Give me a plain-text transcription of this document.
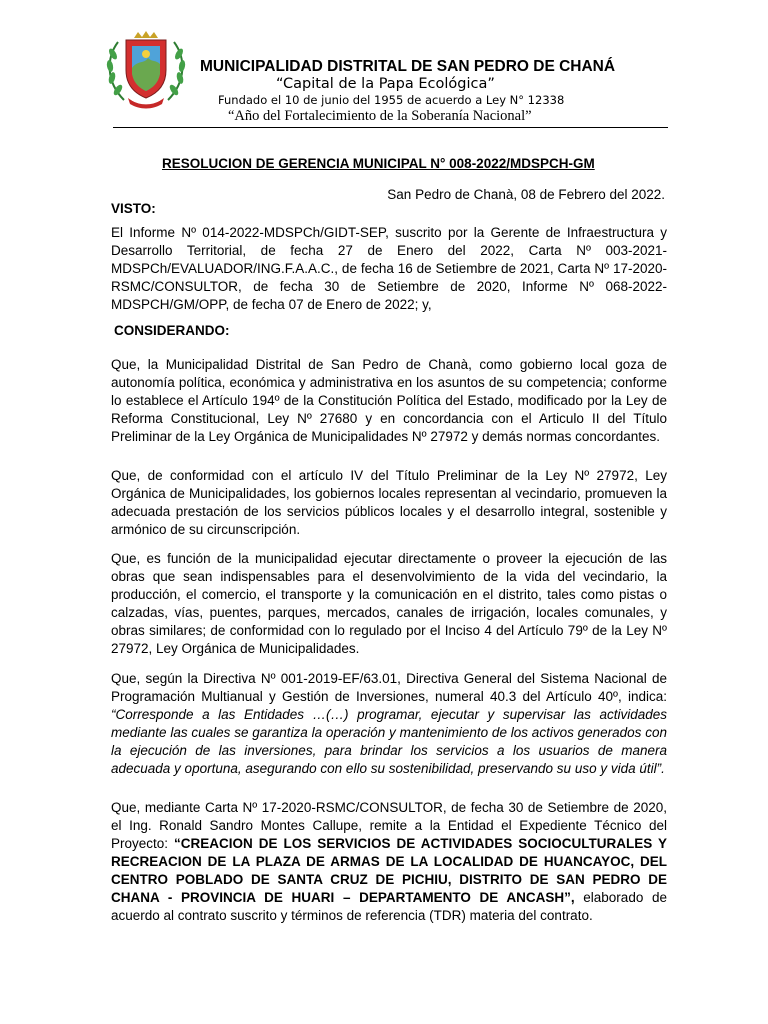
MUNICIPALIDAD DISTRITAL DE SAN PEDRO DE CHANÁ
“Capital de la Papa Ecológica”
Fundado el 10 de junio del 1955 de acuerdo a Ley N° 12338
“Año del Fortalecimiento de la Soberanía Nacional”
RESOLUCION DE GERENCIA MUNICIPAL N° 008-2022/MDSPCH-GM
San Pedro de Chanà, 08 de Febrero del 2022.
VISTO:
El Informe Nº 014-2022-MDSPCh/GIDT-SEP, suscrito por la Gerente de Infraestructura y Desarrollo Territorial, de fecha 27 de Enero del 2022, Carta Nº 003-2021-MDSPCh/EVALUADOR/ING.F.A.A.C., de fecha 16 de Setiembre de 2021, Carta Nº 17-2020-RSMC/CONSULTOR, de fecha 30 de Setiembre de 2020, Informe Nº 068-2022-MDSPCH/GM/OPP, de fecha 07 de Enero de 2022; y,
CONSIDERANDO:
Que, la Municipalidad Distrital de San Pedro de Chanà, como gobierno local goza de autonomía política, económica y administrativa en los asuntos de su competencia; conforme lo establece el Artículo 194º de la Constitución Política del Estado, modificado por la Ley de Reforma Constitucional, Ley Nº 27680 y en concordancia con el Articulo II del Título Preliminar de la Ley Orgánica de Municipalidades Nº 27972 y demás normas concordantes.
Que, de conformidad con el artículo IV del Título Preliminar de la Ley Nº 27972, Ley Orgánica de Municipalidades, los gobiernos locales representan al vecindario, promueven la adecuada prestación de los servicios públicos locales y el desarrollo integral, sostenible y armónico de su circunscripción.
Que, es función de la municipalidad ejecutar directamente o proveer la ejecución de las obras que sean indispensables para el desenvolvimiento de la vida del vecindario, la producción, el comercio, el transporte y la comunicación en el distrito, tales como pistas o calzadas, vías, puentes, parques, mercados, canales de irrigación, locales comunales, y obras similares; de conformidad con lo regulado por el Inciso 4 del Artículo 79º de la Ley Nº 27972, Ley Orgánica de Municipalidades.
Que, según la Directiva Nº 001-2019-EF/63.01, Directiva General del Sistema Nacional de Programación Multianual y Gestión de Inversiones, numeral 40.3 del Artículo 40º, indica: “Corresponde a las Entidades …(…) programar, ejecutar y supervisar las actividades mediante las cuales se garantiza la operación y mantenimiento de los activos generados con la ejecución de las inversiones, para brindar los servicios a los usuarios de manera adecuada y oportuna, asegurando con ello su sostenibilidad, preservando su uso y vida útil”.
Que, mediante Carta Nº 17-2020-RSMC/CONSULTOR, de fecha 30 de Setiembre de 2020, el Ing. Ronald Sandro Montes Callupe, remite a la Entidad el Expediente Técnico del Proyecto: “CREACION DE LOS SERVICIOS DE ACTIVIDADES SOCIOCULTURALES Y RECREACION DE LA PLAZA DE ARMAS DE LA LOCALIDAD DE HUANCAYOC, DEL CENTRO POBLADO DE SANTA CRUZ DE PICHIU, DISTRITO DE SAN PEDRO DE CHANA - PROVINCIA DE HUARI – DEPARTAMENTO DE ANCASH”, elaborado de acuerdo al contrato suscrito y términos de referencia (TDR) materia del contrato.
